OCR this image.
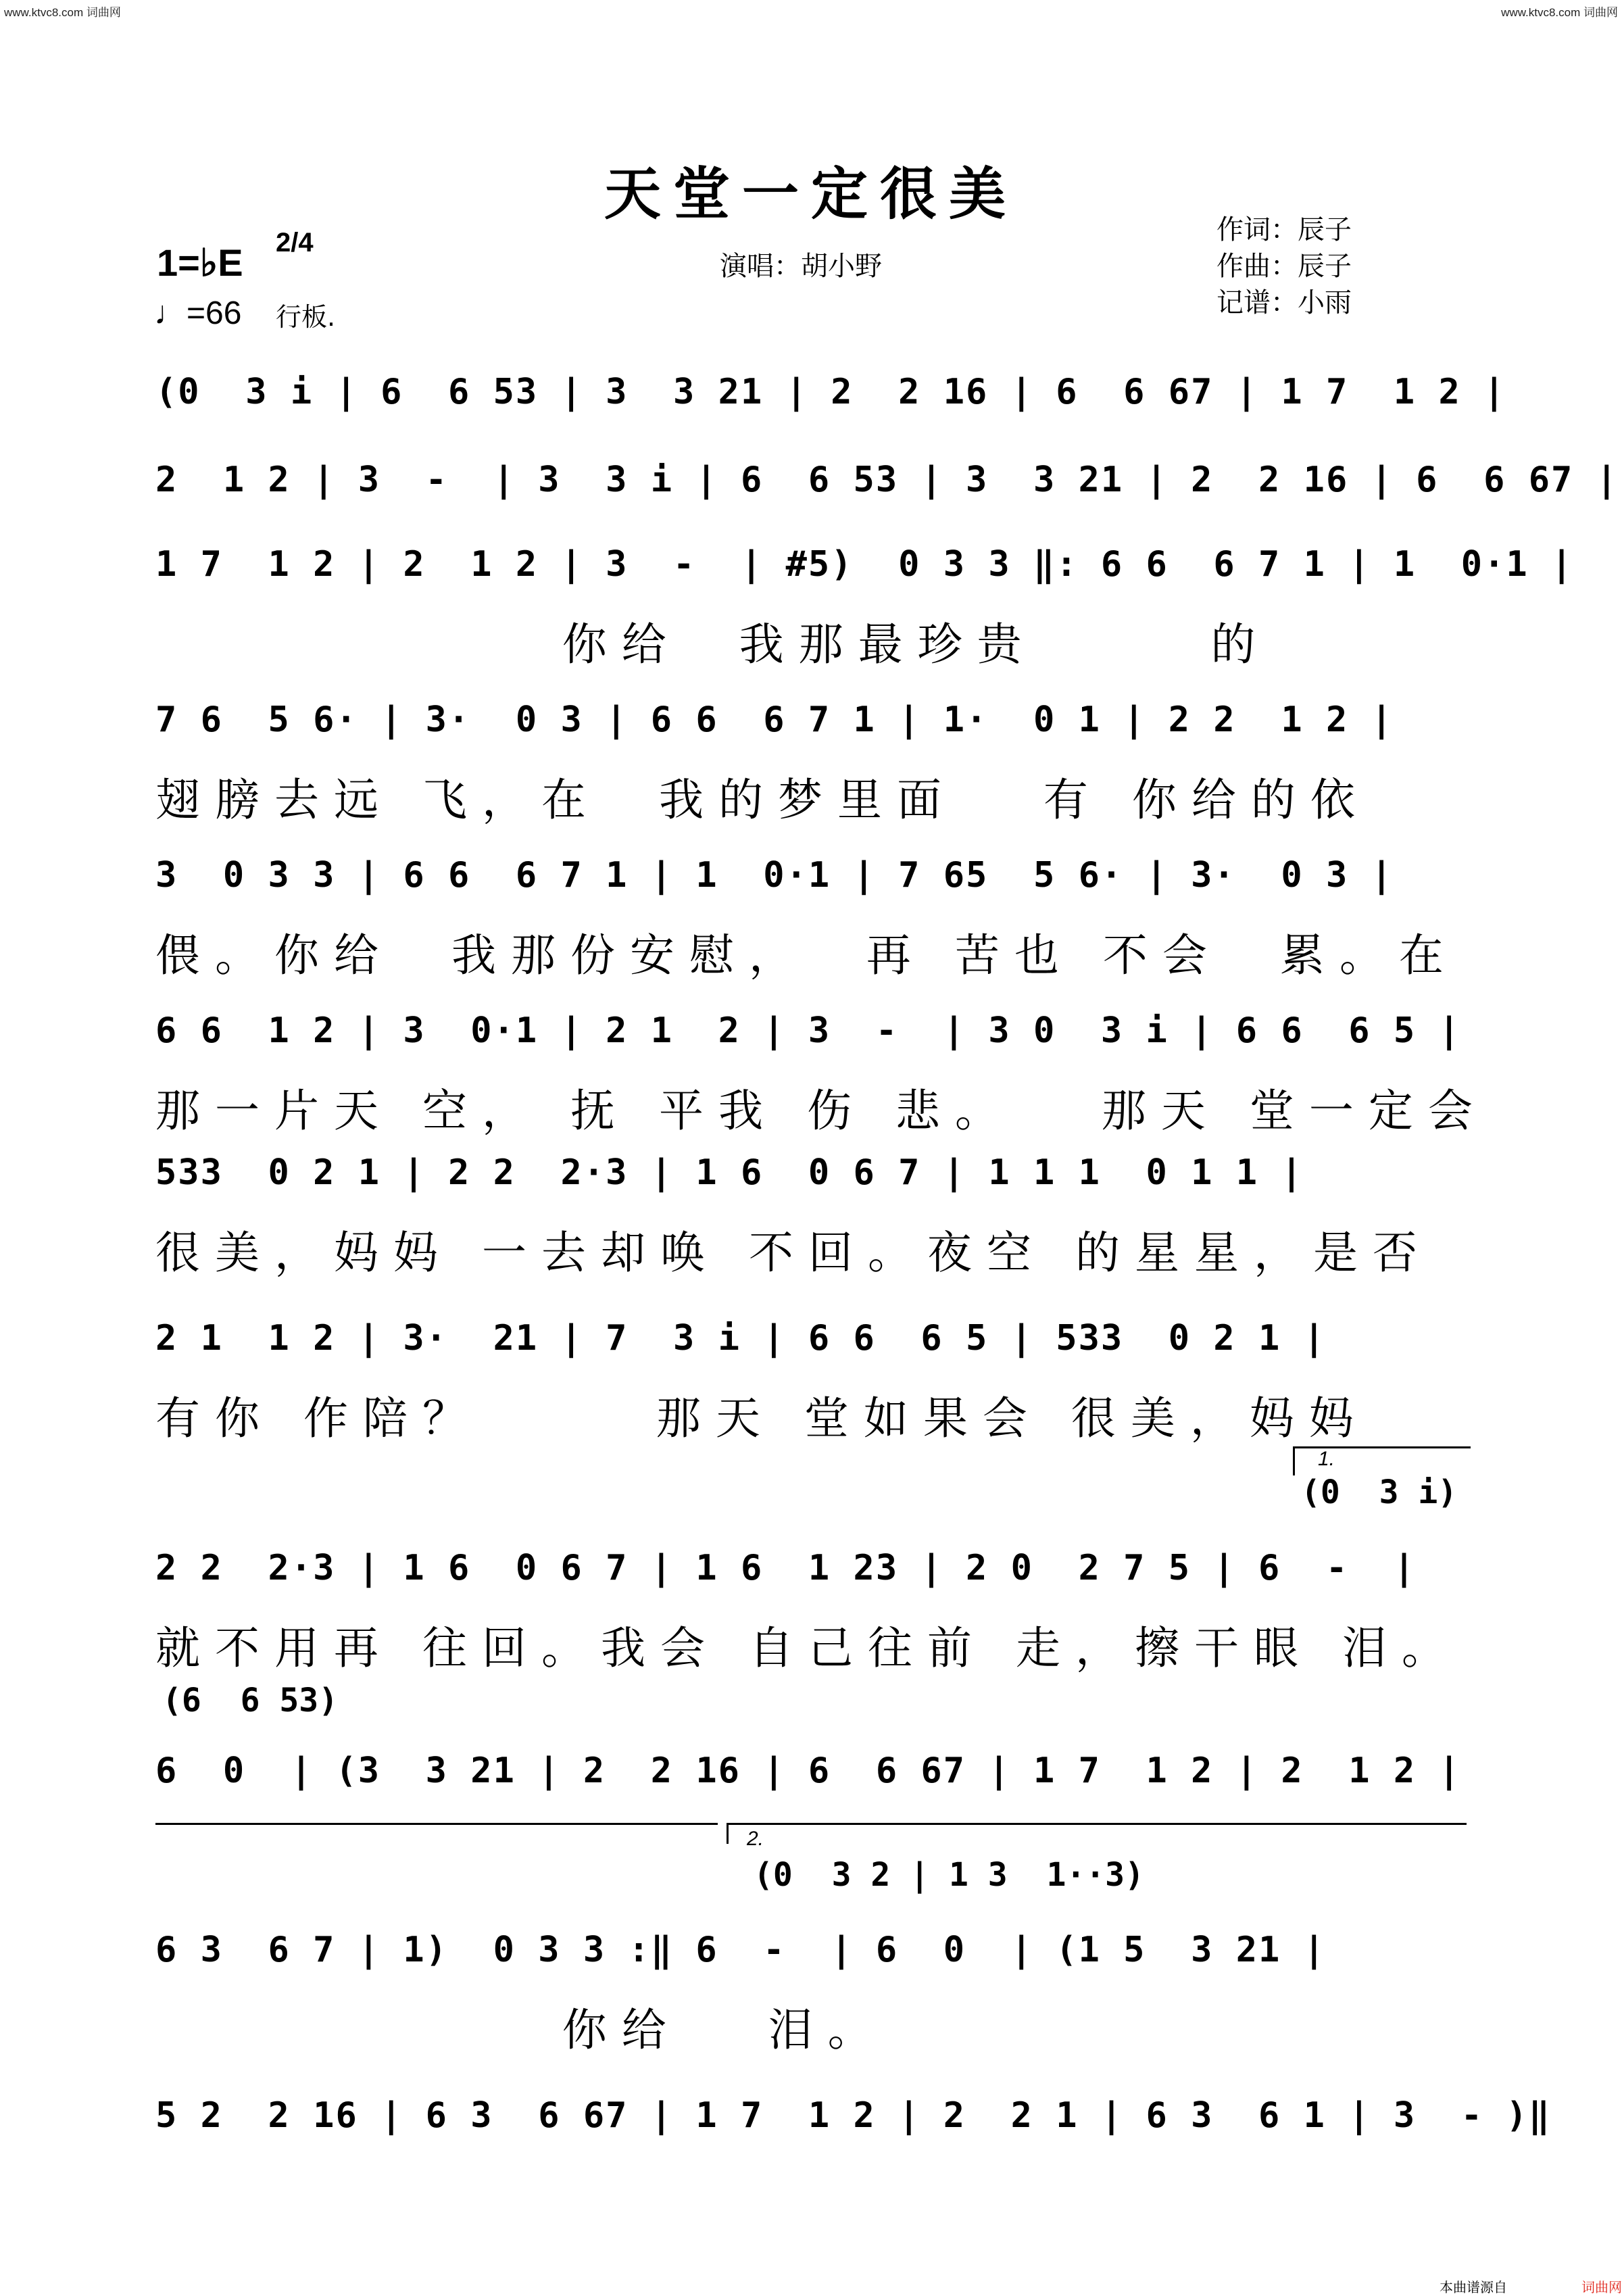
www.ktvc8.com 词曲网	www.ktvc8.com 词曲网
天堂一定很美
作词：辰子
作曲：辰子
记谱：小雨
演唱：胡小野
1=♭E 2/4
♩=66 行板.
(0  3 i | 6  6 53 | 3  3 21 | 2  2 16 | 6  6 67 | 1 7  1 2 |
2  1 2 | 3  -  | 3  3 i | 6  6 53 | 3  3 21 | 2  2 16 | 6  6 67 |
1 7  1 2 | 2  1 2 | 3  -  | #5)  0 3 3 ‖: 6 6  6 7 1 | 1  0·1 |
你给  我那最珍贵      的
7 6  5 6· | 3·  0 3 | 6 6  6 7 1 | 1·  0 1 | 2 2  1 2 |
翅膀去远 飞，在  我的梦里面   有 你给的依
3  0 3 3 | 6 6  6 7 1 | 1  0·1 | 7 65  5 6· | 3·  0 3 |
偎。你给  我那份安慰，  再 苦也 不会  累。在
6 6  1 2 | 3  0·1 | 2 1  2 | 3  -  | 3 0  3 i | 6 6  6 5 |
那一片天 空， 抚 平我 伤 悲。   那天 堂一定会
533  0 2 1 | 2 2  2·3 | 1 6  0 6 7 | 1 1 1  0 1 1 |
很美，妈妈 一去却唤 不回。夜空 的星星，是否
2 1  1 2 | 3·  21 | 7  3 i | 6 6  6 5 | 533  0 2 1 |
有你 作陪？      那天 堂如果会 很美，妈妈
2 2  2·3 | 1 6  0 6 7 | 1 6  1 23 | 2 0  2 7 5 | 6  -  |
就不用再 往回。我会 自己往前 走，擦干眼 泪。
6  0  | (3  3 21 | 2  2 16 | 6  6 67 | 1 7  1 2 | 2  1 2 |
6 3  6 7 | 1)  0 3 3 :‖ 6  -  | 6  0  | (1 5  3 21 |
你给   泪。
5 2  2 16 | 6 3  6 67 | 1 7  1 2 | 2  2 1 | 6 3  6 1 | 3  - )‖
1.
(0  3 i)
(6  6 53)
2.
(0  3 2 | 1 3  1··3)
本曲谱源自	词曲网
